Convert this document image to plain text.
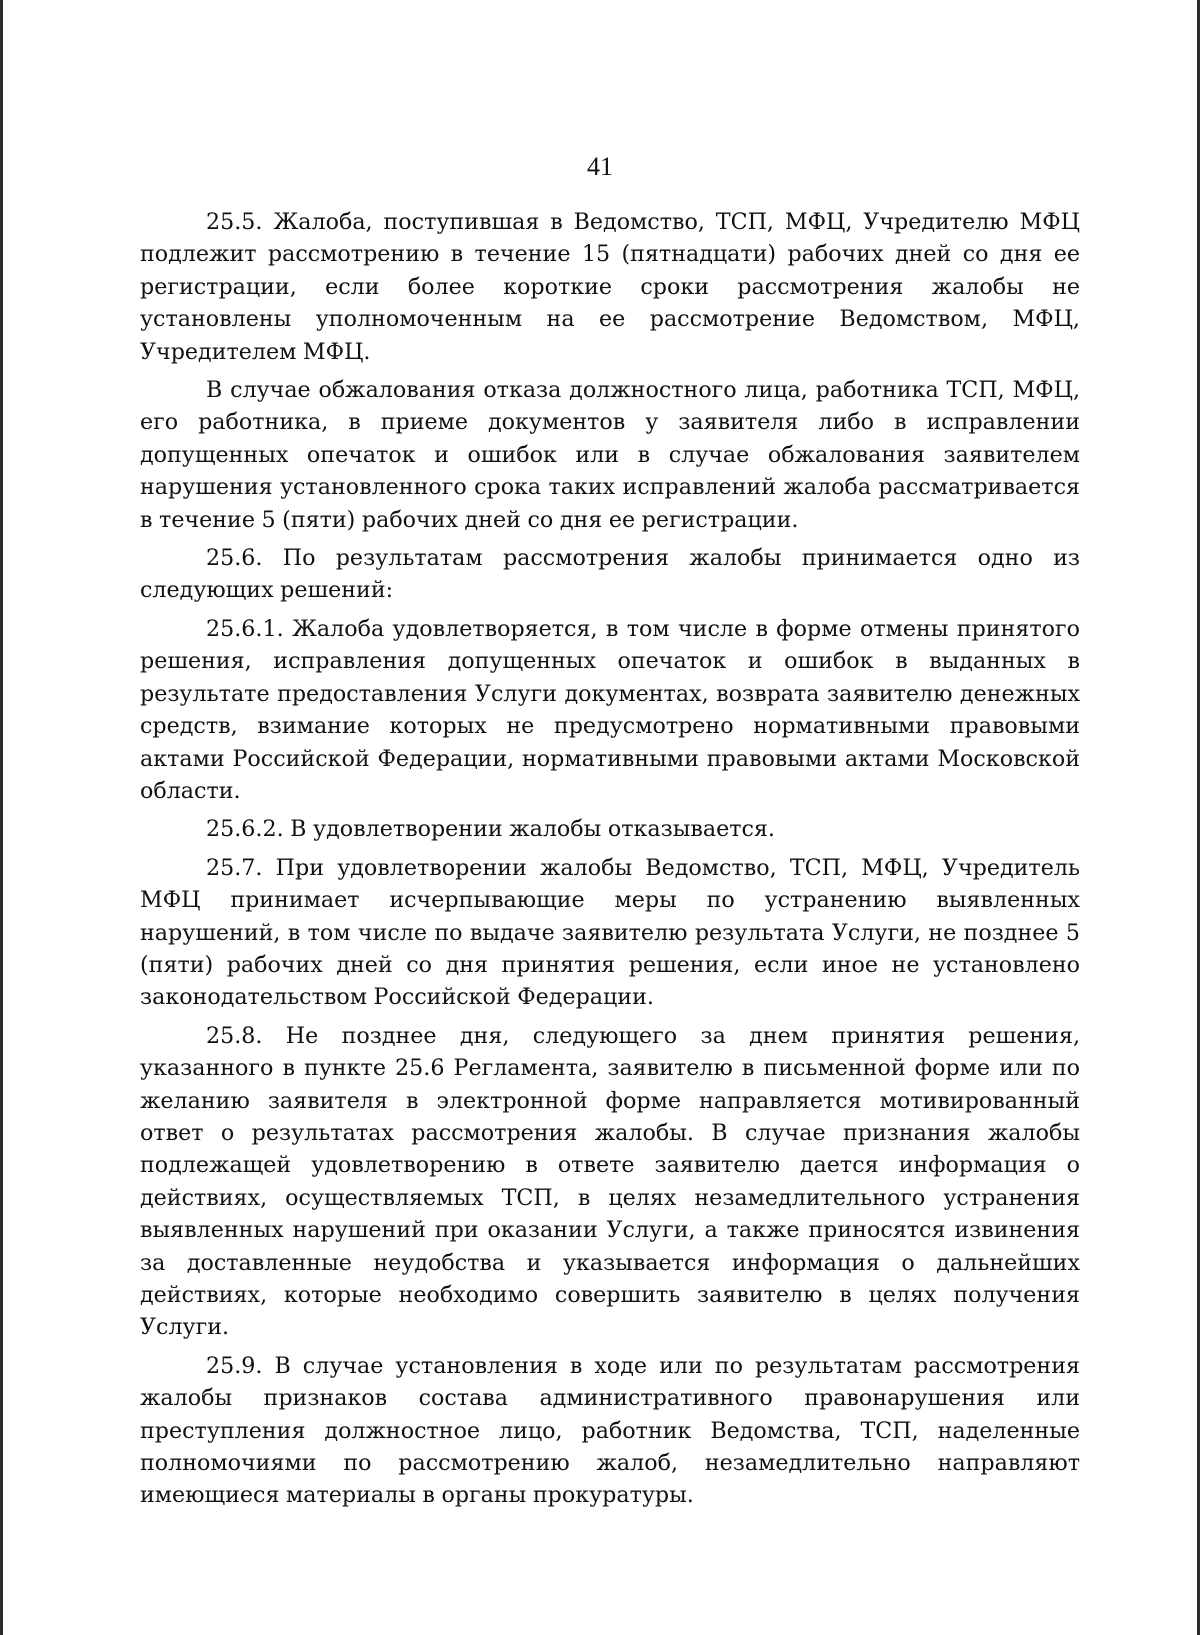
41

25.5. Жалоба, поступившая в Ведомство, ТСП, МФЦ, Учредителю МФЦ подлежит рассмотрению в течение 15 (пятнадцати) рабочих дней со дня ее регистрации, если более короткие сроки рассмотрения жалобы не установлены уполномоченным на ее рассмотрение Ведомством, МФЦ, Учредителем МФЦ.

В случае обжалования отказа должностного лица, работника ТСП, МФЦ, его работника, в приеме документов у заявителя либо в исправлении допущенных опечаток и ошибок или в случае обжалования заявителем нарушения установленного срока таких исправлений жалоба рассматривается в течение 5 (пяти) рабочих дней со дня ее регистрации.

25.6. По результатам рассмотрения жалобы принимается одно из следующих решений:

25.6.1. Жалоба удовлетворяется, в том числе в форме отмены принятого решения, исправления допущенных опечаток и ошибок в выданных в результате предоставления Услуги документах, возврата заявителю денежных средств, взимание которых не предусмотрено нормативными правовыми актами Российской Федерации, нормативными правовыми актами Московской области.

25.6.2. В удовлетворении жалобы отказывается.

25.7. При удовлетворении жалобы Ведомство, ТСП, МФЦ, Учредитель МФЦ принимает исчерпывающие меры по устранению выявленных нарушений, в том числе по выдаче заявителю результата Услуги, не позднее 5 (пяти) рабочих дней со дня принятия решения, если иное не установлено законодательством Российской Федерации.

25.8. Не позднее дня, следующего за днем принятия решения, указанного в пункте 25.6 Регламента, заявителю в письменной форме или по желанию заявителя в электронной форме направляется мотивированный ответ о результатах рассмотрения жалобы. В случае признания жалобы подлежащей удовлетворению в ответе заявителю дается информация о действиях, осуществляемых ТСП, в целях незамедлительного устранения выявленных нарушений при оказании Услуги, а также приносятся извинения за доставленные неудобства и указывается информация о дальнейших действиях, которые необходимо совершить заявителю в целях получения Услуги.

25.9. В случае установления в ходе или по результатам рассмотрения жалобы признаков состава административного правонарушения или преступления должностное лицо, работник Ведомства, ТСП, наделенные полномочиями по рассмотрению жалоб, незамедлительно направляют имеющиеся материалы в органы прокуратуры.
